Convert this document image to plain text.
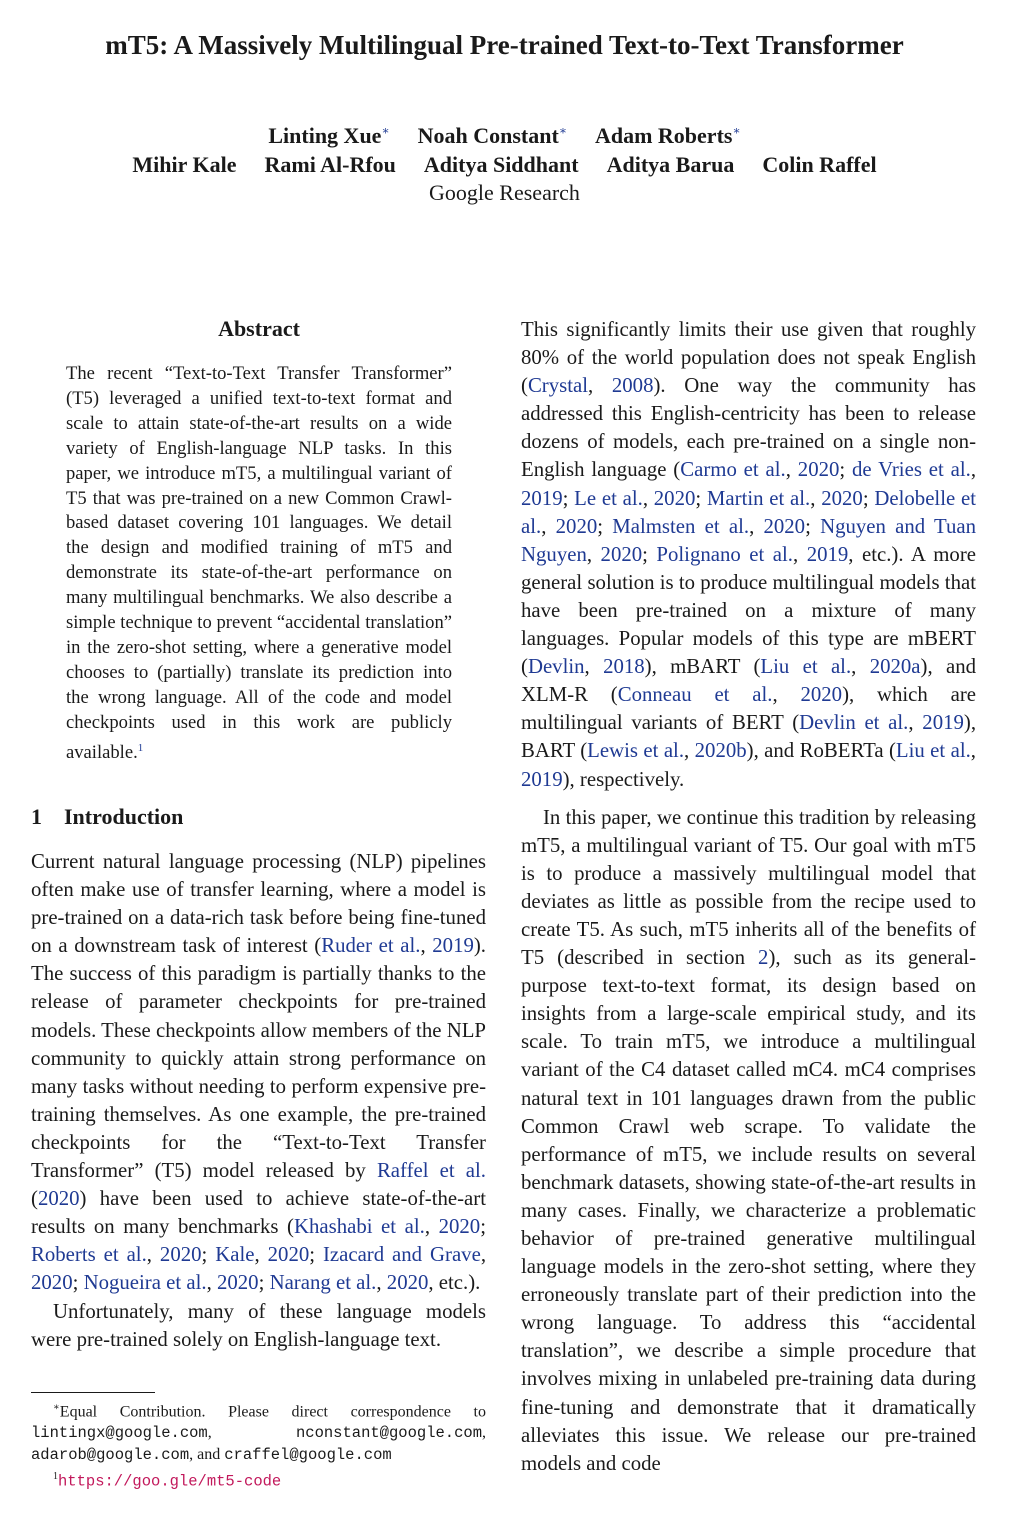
mT5: A Massively Multilingual Pre-trained Text-to-Text Transformer
Linting Xue∗ Noah Constant∗ Adam Roberts∗
Mihir Kale Rami Al-Rfou Aditya Siddhant Aditya Barua Colin Raffel
Google Research
Abstract
The recent “Text-to-Text Transfer Transformer” (T5) leveraged a unified text-to-text format and scale to attain state-of-the-art results on a wide variety of English-language NLP tasks. In this paper, we introduce mT5, a multilingual variant of T5 that was pre-trained on a new Common Crawl-based dataset covering 101 languages. We detail the design and modified training of mT5 and demonstrate its state-of-the-art performance on many multilingual benchmarks. We also describe a simple technique to prevent “accidental translation” in the zero-shot setting, where a generative model chooses to (partially) translate its prediction into the wrong language. All of the code and model checkpoints used in this work are publicly available.$^1$
1 Introduction

Current natural language processing (NLP) pipelines often make use of transfer learning, where a model is pre-trained on a data-rich task before being fine-tuned on a downstream task of interest (Ruder et al., 2019). The success of this paradigm is partially thanks to the release of parameter checkpoints for pre-trained models. These checkpoints allow members of the NLP community to quickly attain strong performance on many tasks without needing to perform expensive pre-training themselves. As one example, the pre-trained checkpoints for the “Text-to-Text Transfer Transformer” (T5) model released by Raffel et al. (2020) have been used to achieve state-of-the-art results on many benchmarks (Khashabi et al., 2020; Roberts et al., 2020; Kale, 2020; Izacard and Grave, 2020; Nogueira et al., 2020; Narang et al., 2020, etc.).

Unfortunately, many of these language models were pre-trained solely on English-language text.

This significantly limits their use given that roughly 80% of the world population does not speak English (Crystal, 2008). One way the community has addressed this English-centricity has been to release dozens of models, each pre-trained on a single non-English language (Carmo et al., 2020; de Vries et al., 2019; Le et al., 2020; Martin et al., 2020; Delobelle et al., 2020; Malmsten et al., 2020; Nguyen and Tuan Nguyen, 2020; Polignano et al., 2019, etc.). A more general solution is to produce multilingual models that have been pre-trained on a mixture of many languages. Popular models of this type are mBERT (Devlin, 2018), mBART (Liu et al., 2020a), and XLM-R (Conneau et al., 2020), which are multilingual variants of BERT (Devlin et al., 2019), BART (Lewis et al., 2020b), and RoBERTa (Liu et al., 2019), respectively.

In this paper, we continue this tradition by releasing mT5, a multilingual variant of T5. Our goal with mT5 is to produce a massively multilingual model that deviates as little as possible from the recipe used to create T5. As such, mT5 inherits all of the benefits of T5 (described in section 2), such as its general-purpose text-to-text format, its design based on insights from a large-scale empirical study, and its scale. To train mT5, we introduce a multilingual variant of the C4 dataset called mC4. mC4 comprises natural text in 101 languages drawn from the public Common Crawl web scrape. To validate the performance of mT5, we include results on several benchmark datasets, showing state-of-the-art results in many cases. Finally, we characterize a problematic behavior of pre-trained generative multilingual language models in the zero-shot setting, where they erroneously translate part of their prediction into the wrong language. To address this “accidental translation”, we describe a simple procedure that involves mixing in unlabeled pre-training data during fine-tuning and demonstrate that it dramatically alleviates this issue. We release our pre-trained models and code

∗Equal Contribution. Please direct correspondence to lintingx@google.com, nconstant@google.com, adarob@google.com, and craffel@google.com

$^1$https://goo.gle/mt5-code
